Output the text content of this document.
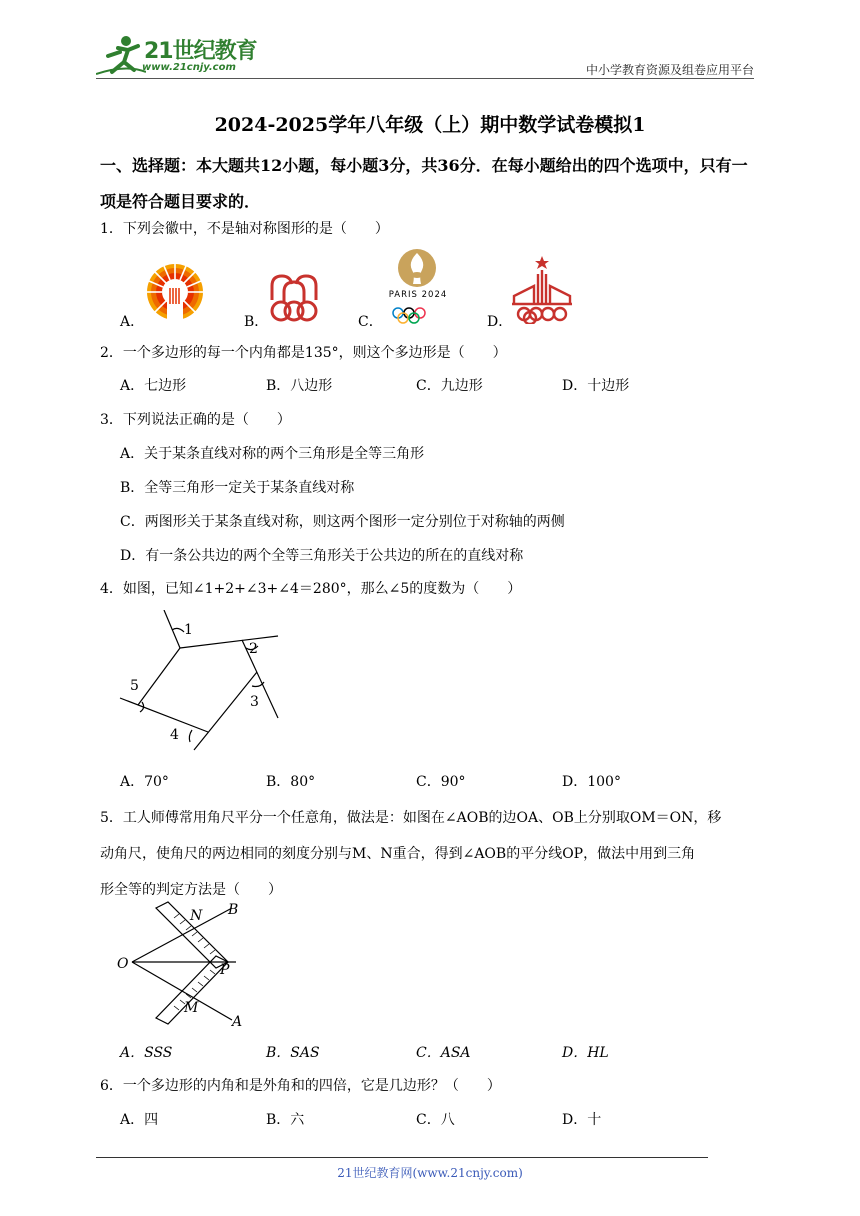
21世纪教育
www.21cnjy.com	中小学教育资源及组卷应用平台
2024-2025学年八年级（上）期中数学试卷模拟1
一、选择题：本大题共12小题，每小题3分，共36分．在每小题给出的四个选项中，只有一项是符合题目要求的．
1．下列会徽中，不是轴对称图形的是（　　）
A．	B．	C．	D．
PARIS 2024
2．一个多边形的每一个内角都是135°，则这个多边形是（　　）
A．七边形	B．八边形	C．九边形	D．十边形
3．下列说法正确的是（　　）
A．关于某条直线对称的两个三角形是全等三角形
B．全等三角形一定关于某条直线对称
C．两图形关于某条直线对称，则这两个图形一定分别位于对称轴的两侧
D．有一条公共边的两个全等三角形关于公共边的所在的直线对称
4．如图，已知∠1+2+∠3+∠4＝280°，那么∠5的度数为（　　）
1
2
3
4
5
A．70°	B．80°	C．90°	D．100°
5．工人师傅常用角尺平分一个任意角，做法是：如图在∠AOB的边OA、OB上分别取OM＝ON，移
动角尺，使角尺的两边相同的刻度分别与M、N重合，得到∠AOB的平分线OP，做法中用到三角
形全等的判定方法是（　　）
O
N B
P
M
A
A．SSS	B．SAS	C．ASA	D．HL
6．一个多边形的内角和是外角和的四倍，它是几边形？（　　）
A．四	B．六	C．八	D．十
21世纪教育网(www.21cnjy.com)
